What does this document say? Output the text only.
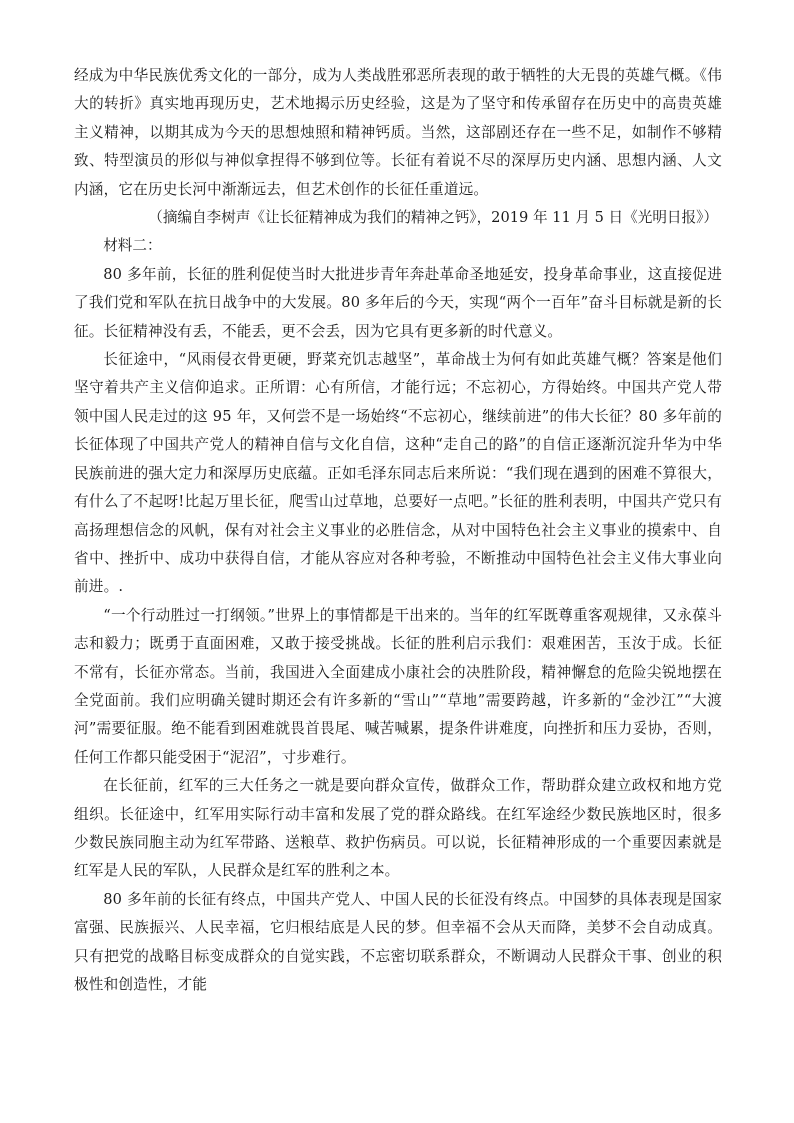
经成为中华民族优秀文化的一部分，成为人类战胜邪恶所表现的敢于牺牲的大无畏的英雄气概。《伟大的转折》真实地再现历史，艺术地揭示历史经验，这是为了坚守和传承留存在历史中的高贵英雄主义精神，以期其成为今天的思想烛照和精神钙质。当然，这部剧还存在一些不足，如制作不够精致、特型演员的形似与神似拿捏得不够到位等。长征有着说不尽的深厚历史内涵、思想内涵、人文内涵，它在历史长河中渐渐远去，但艺术创作的长征任重道远。

（摘编自李树声《让长征精神成为我们的精神之钙》，2019 年 11 月 5 日《光明日报》）

材料二：

80 多年前，长征的胜利促使当时大批进步青年奔赴革命圣地延安，投身革命事业，这直接促进了我们党和军队在抗日战争中的大发展。80 多年后的今天，实现“两个一百年”奋斗目标就是新的长征。长征精神没有丢，不能丢，更不会丢，因为它具有更多新的时代意义。

长征途中，“风雨侵衣骨更硬，野菜充饥志越坚”，革命战士为何有如此英雄气概？答案是他们坚守着共产主义信仰追求。正所谓：心有所信，才能行远；不忘初心，方得始终。中国共产党人带领中国人民走过的这 95 年，又何尝不是一场始终“不忘初心，继续前进”的伟大长征？80 多年前的长征体现了中国共产党人的精神自信与文化自信，这种“走自己的路”的自信正逐渐沉淀升华为中华民族前进的强大定力和深厚历史底蕴。正如毛泽东同志后来所说：“我们现在遇到的困难不算很大，有什么了不起呀!比起万里长征，爬雪山过草地，总要好一点吧。”长征的胜利表明，中国共产党只有高扬理想信念的风帆，保有对社会主义事业的必胜信念，从对中国特色社会主义事业的摸索中、自省中、挫折中、成功中获得自信，才能从容应对各种考验，不断推动中国特色社会主义伟大事业向前进。.

“一个行动胜过一打纲领。”世界上的事情都是干出来的。当年的红军既尊重客观规律，又永葆斗志和毅力；既勇于直面困难，又敢于接受挑战。长征的胜利启示我们：艰难困苦，玉汝于成。长征不常有，长征亦常态。当前，我国进入全面建成小康社会的决胜阶段，精神懈怠的危险尖锐地摆在全党面前。我们应明确关键时期还会有许多新的“雪山”“草地”需要跨越，许多新的“金沙江”“大渡河”需要征服。绝不能看到困难就畏首畏尾、喊苦喊累，提条件讲难度，向挫折和压力妥协，否则，任何工作都只能受困于“泥沼”，寸步难行。

在长征前，红军的三大任务之一就是要向群众宣传，做群众工作，帮助群众建立政权和地方党组织。长征途中，红军用实际行动丰富和发展了党的群众路线。在红军途经少数民族地区时，很多少数民族同胞主动为红军带路、送粮草、救护伤病员。可以说，长征精神形成的一个重要因素就是红军是人民的军队，人民群众是红军的胜利之本。

80 多年前的长征有终点，中国共产党人、中国人民的长征没有终点。中国梦的具体表现是国家富强、民族振兴、人民幸福，它归根结底是人民的梦。但幸福不会从天而降，美梦不会自动成真。只有把党的战略目标变成群众的自觉实践，不忘密切联系群众，不断调动人民群众干事、创业的积极性和创造性，才能
